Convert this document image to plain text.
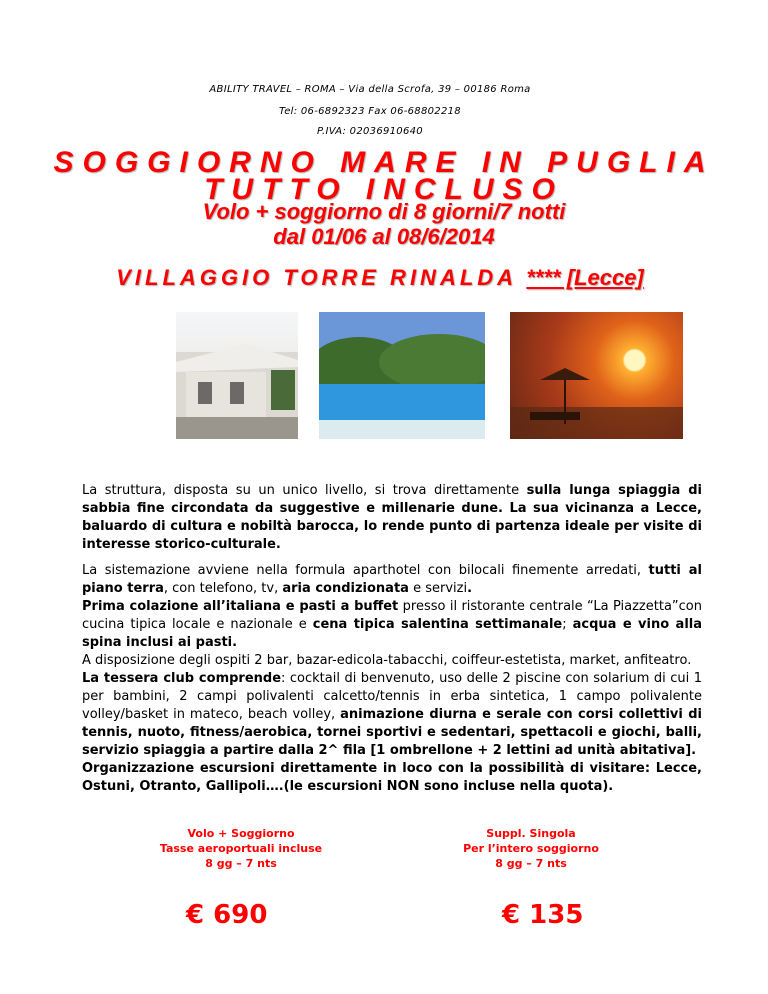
ABILITY TRAVEL – ROMA – Via della Scrofa, 39 – 00186 Roma
Tel: 06-6892323 Fax 06-68802218
P.IVA: 02036910640
SOGGIORNO MARE IN PUGLIA
TUTTO INCLUSO
Volo + soggiorno di 8 giorni/7 notti
dal 01/06 al 08/6/2014
VILLAGGIO TORRE RINALDA **** [Lecce]
La struttura, disposta su un unico livello, si trova direttamente sulla lunga spiaggia di sabbia fine circondata da suggestive e millenarie dune. La sua vicinanza a Lecce, baluardo di cultura e nobiltà barocca, lo rende punto di partenza ideale per visite di interesse storico-culturale.
La sistemazione avviene nella formula aparthotel con bilocali finemente arredati, tutti al piano terra, con telefono, tv, aria condizionata e servizi.
Prima colazione all’italiana e pasti a buffet presso il ristorante centrale “La Piazzetta”con cucina tipica locale e nazionale e cena tipica salentina settimanale; acqua e vino alla spina inclusi ai pasti.
A disposizione degli ospiti 2 bar, bazar-edicola-tabacchi, coiffeur-estetista, market, anfiteatro.
La tessera club comprende: cocktail di benvenuto, uso delle 2 piscine con solarium di cui 1 per bambini, 2 campi polivalenti calcetto/tennis in erba sintetica, 1 campo polivalente volley/basket in mateco, beach volley, animazione diurna e serale con corsi collettivi di tennis, nuoto, fitness/aerobica, tornei sportivi e sedentari, spettacoli e giochi, balli, servizio spiaggia a partire dalla 2^ fila [1 ombrellone + 2 lettini ad unità abitativa].
Organizzazione escursioni direttamente in loco con la possibilità di visitare: Lecce, Ostuni, Otranto, Gallipoli….(le escursioni NON sono incluse nella quota).
Volo + Soggiorno
Tasse aeroportuali incluse
8 gg – 7 nts
Suppl. Singola
Per l’intero soggiorno
8 gg – 7 nts
€ 690	€ 135
